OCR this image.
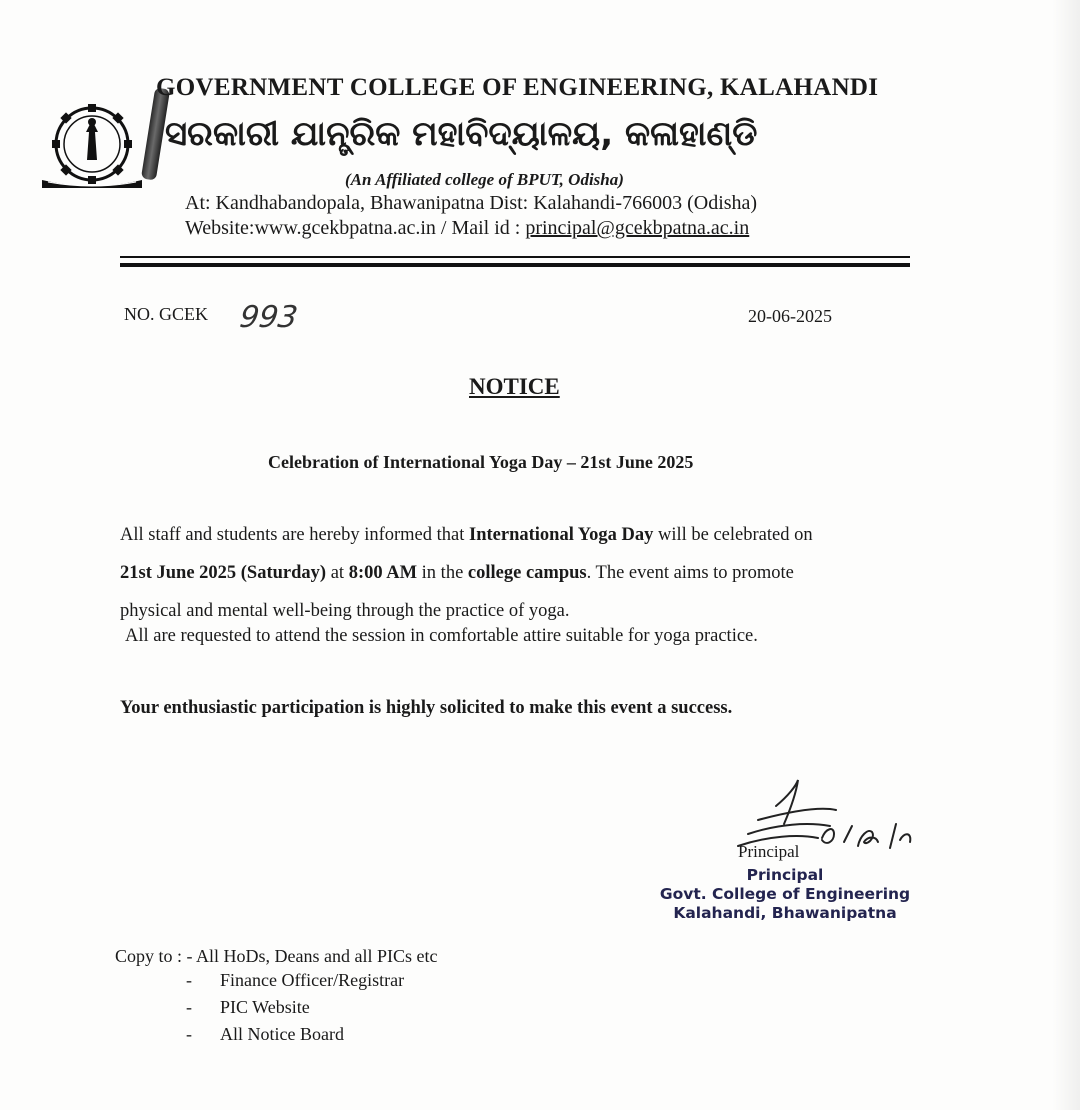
GOVERNMENT COLLEGE OF ENGINEERING, KALAHANDI
ସରକାରୀ ଯାନ୍ତ୍ରିକ ମହାବିଦ୍ୟାଳୟ, କଳାହାଣ୍ଡି
(An Affiliated college of BPUT, Odisha)
At: Kandhabandopala, Bhawanipatna Dist: Kalahandi-766003 (Odisha)
Website:www.gcekbpatna.ac.in / Mail id : principal@gcekbpatna.ac.in
NO. GCEK 993	20-06-2025
NOTICE
Celebration of International Yoga Day – 21st June 2025
All staff and students are hereby informed that International Yoga Day will be celebrated on
21st June 2025 (Saturday) at 8:00 AM in the college campus. The event aims to promote
physical and mental well-being through the practice of yoga.
All are requested to attend the session in comfortable attire suitable for yoga practice.
Your enthusiastic participation is highly solicited to make this event a success.
Principal
Principal
Govt. College of Engineering
Kalahandi, Bhawanipatna
Copy to : - All HoDs, Deans and all PICs etc
- Finance Officer/Registrar
- PIC Website
- All Notice Board
